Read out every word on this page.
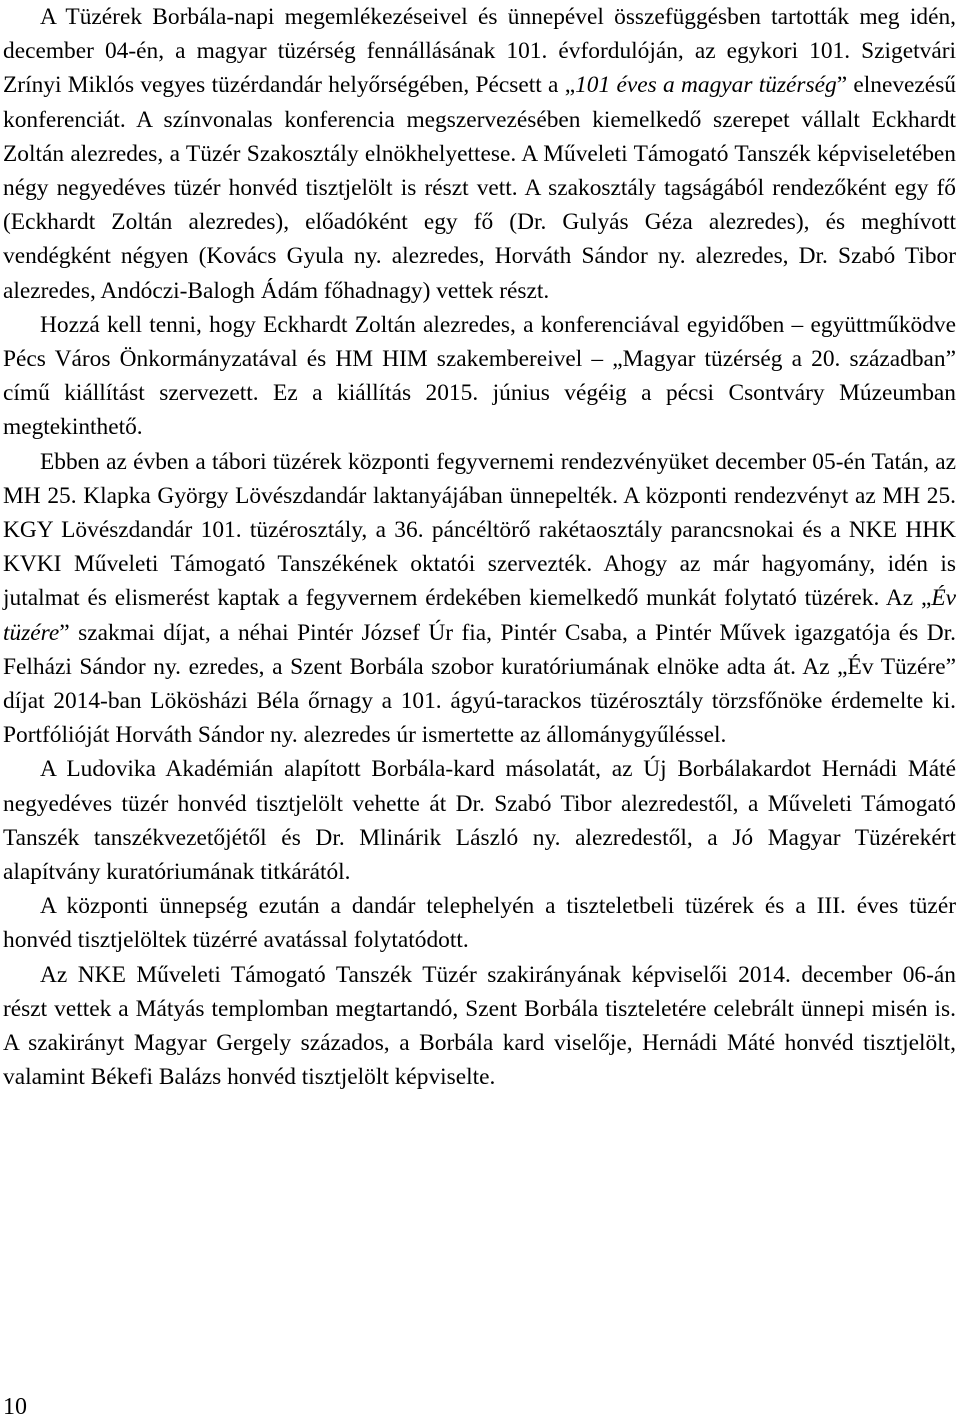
A Tüzérek Borbála-napi megemlékezéseivel és ünnepével összefüggésben tartották meg idén, december 04-én, a magyar tüzérség fennállásának 101. évfordulóján, az egykori 101. Szigetvári Zrínyi Miklós vegyes tüzérdandár helyőrségében, Pécsett a „101 éves a magyar tüzérség” elnevezésű konferenciát. A színvonalas konferencia megszervezésében kiemelkedő szerepet vállalt Eckhardt Zoltán alezredes, a Tüzér Szakosztály elnökhelyettese. A Műveleti Támogató Tanszék képviseletében négy negyedéves tüzér honvéd tisztjelölt is részt vett. A szakosztály tagságából rendezőként egy fő (Eckhardt Zoltán alezredes), előadóként egy fő (Dr. Gulyás Géza alezredes), és meghívott vendégként négyen (Kovács Gyula ny. alezredes, Horváth Sándor ny. alezredes, Dr. Szabó Tibor alezredes, Andóczi-Balogh Ádám főhadnagy) vettek részt.

Hozzá kell tenni, hogy Eckhardt Zoltán alezredes, a konferenciával egyidőben – együttműködve Pécs Város Önkormányzatával és HM HIM szakembereivel – „Magyar tüzérség a 20. században” című kiállítást szervezett. Ez a kiállítás 2015. június végéig a pécsi Csontváry Múzeumban megtekinthető.

Ebben az évben a tábori tüzérek központi fegyvernemi rendezvényüket december 05-én Tatán, az MH 25. Klapka György Lövészdandár laktanyájában ünnepelték. A központi rendezvényt az MH 25. KGY Lövészdandár 101. tüzérosztály, a 36. páncéltörő rakétaosztály parancsnokai és a NKE HHK KVKI Műveleti Támogató Tanszékének oktatói szervezték. Ahogy az már hagyomány, idén is jutalmat és elismerést kaptak a fegyvernem érdekében kiemelkedő munkát folytató tüzérek. Az „Év tüzére” szakmai díjat, a néhai Pintér József Úr fia, Pintér Csaba, a Pintér Művek igazgatója és Dr. Felházi Sándor ny. ezredes, a Szent Borbála szobor kuratóriumának elnöke adta át. Az „Év Tüzére” díjat 2014-ban Lökösházi Béla őrnagy a 101. ágyú-tarackos tüzérosztály törzsfőnöke érdemelte ki. Portfólióját Horváth Sándor ny. alezredes úr ismertette az állománygyűléssel.

A Ludovika Akadémián alapított Borbála-kard másolatát, az Új Borbálakardot Hernádi Máté negyedéves tüzér honvéd tisztjelölt vehette át Dr. Szabó Tibor alezredestől, a Műveleti Támogató Tanszék tanszékvezetőjétől és Dr. Mlinárik László ny. alezredestől, a Jó Magyar Tüzérekért alapítvány kuratóriumának titkárától.

A központi ünnepség ezután a dandár telephelyén a tiszteletbeli tüzérek és a III. éves tüzér honvéd tisztjelöltek tüzérré avatással folytatódott.

Az NKE Műveleti Támogató Tanszék Tüzér szakirányának képviselői 2014. december 06-án részt vettek a Mátyás templomban megtartandó, Szent Borbála tiszteletére celebrált ünnepi misén is. A szakirányt Magyar Gergely százados, a Borbála kard viselője, Hernádi Máté honvéd tisztjelölt, valamint Békefi Balázs honvéd tisztjelölt képviselte.

10
